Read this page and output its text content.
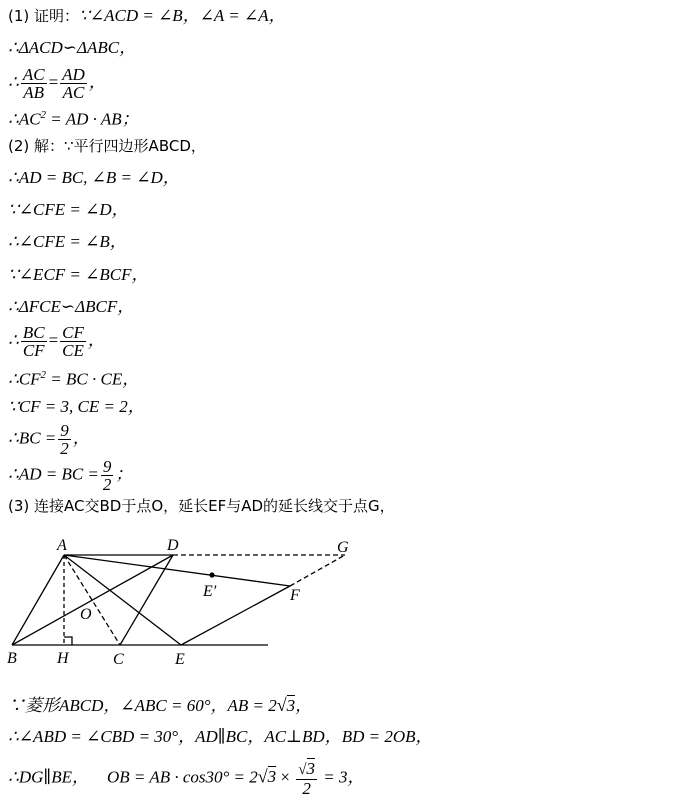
(1) 证明：∵∠ACD = ∠B，∠A = ∠A，
∴ΔACD∽ΔABC，
∴ $\frac{AC}{AB} = \frac{AD}{AC}$ ，
$\therefore AC^2$ = AD · AB；
(2) 解：∵平行四边形ABCD，
∴AD = BC, ∠B = ∠D，
∵∠CFE = ∠D，
∴∠CFE = ∠B，
∵∠ECF = ∠BCF，
∴ΔFCE∽ΔBCF，
∴ $\frac{BC}{CF} = \frac{CF}{CE}$ ，
$\therefore CF^2$ = BC · CE，
∵CF = 3, CE = 2，
∴BC = $\frac{9}{2}$ ，
∴AD = BC = $\frac{9}{2}$ ；
(3) 连接AC交BD于点O，延长EF与AD的延长线交于点G，
A	D	G
E′	F
O
B	H	C	E
∵菱形ABCD，∠ABC = 60°，AB = 2√3，
∴∠ABD = ∠CBD = 30°，AD∥BC，AC⊥BD，BD = 2OB，
∴DG∥BE， OB = AB · $\cos 30^\circ = 2√3 \times \frac{√3}{2} = 3$，
